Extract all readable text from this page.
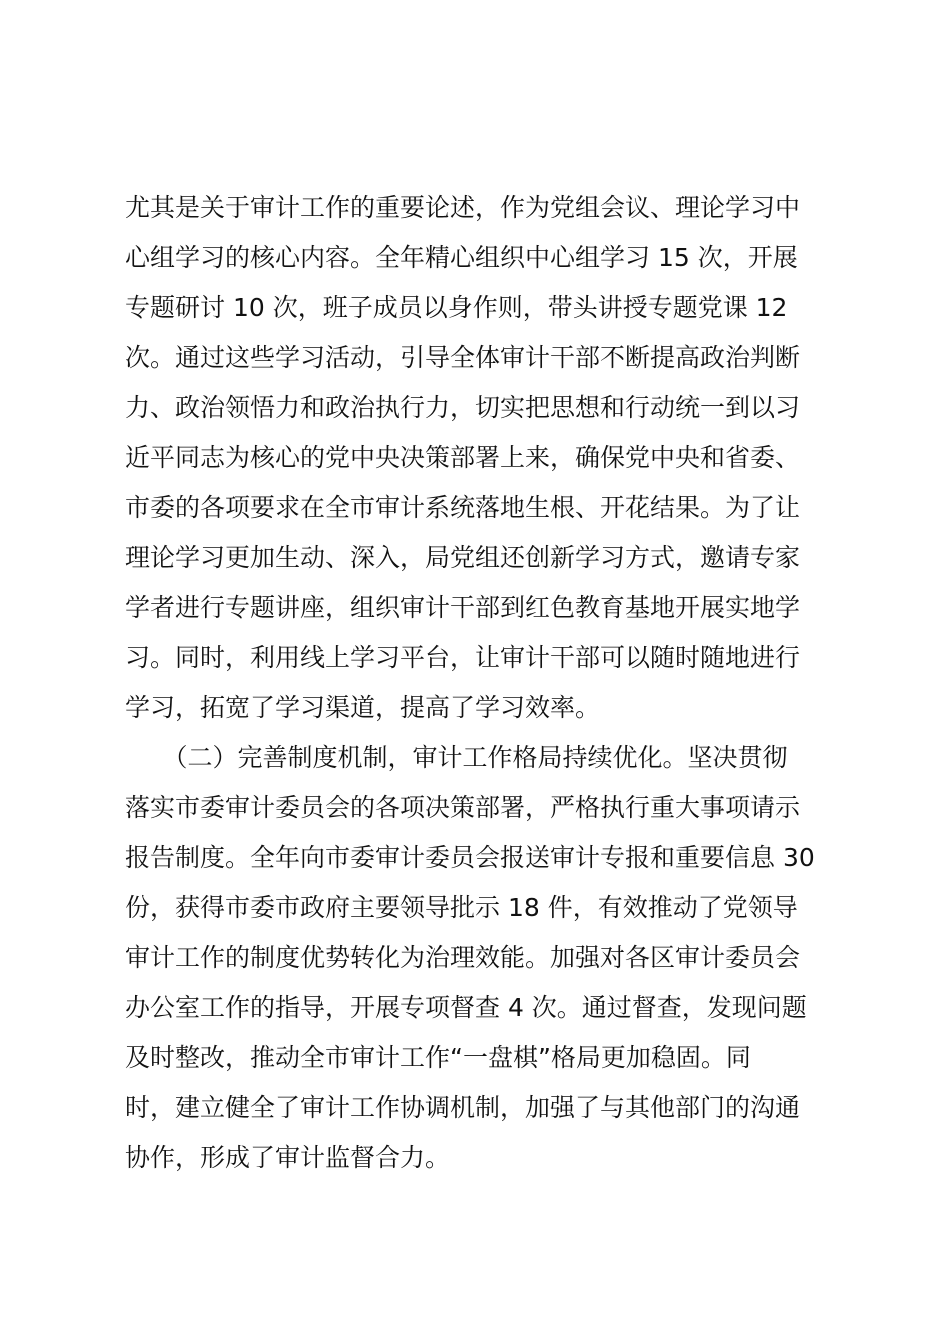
尤其是关于审计工作的重要论述，作为党组会议、理论学习中
心组学习的核心内容。全年精心组织中心组学习 15 次，开展
专题研讨 10 次，班子成员以身作则，带头讲授专题党课 12
次。通过这些学习活动，引导全体审计干部不断提高政治判断
力、政治领悟力和政治执行力，切实把思想和行动统一到以习
近平同志为核心的党中央决策部署上来，确保党中央和省委、
市委的各项要求在全市审计系统落地生根、开花结果。为了让
理论学习更加生动、深入，局党组还创新学习方式，邀请专家
学者进行专题讲座，组织审计干部到红色教育基地开展实地学
习。同时，利用线上学习平台，让审计干部可以随时随地进行
学习，拓宽了学习渠道，提高了学习效率。
　　（二）完善制度机制，审计工作格局持续优化。坚决贯彻
落实市委审计委员会的各项决策部署，严格执行重大事项请示
报告制度。全年向市委审计委员会报送审计专报和重要信息 30
份，获得市委市政府主要领导批示 18 件，有效推动了党领导
审计工作的制度优势转化为治理效能。加强对各区审计委员会
办公室工作的指导，开展专项督查 4 次。通过督查，发现问题
及时整改，推动全市审计工作“一盘棋”格局更加稳固。同
时，建立健全了审计工作协调机制，加强了与其他部门的沟通
协作，形成了审计监督合力。
